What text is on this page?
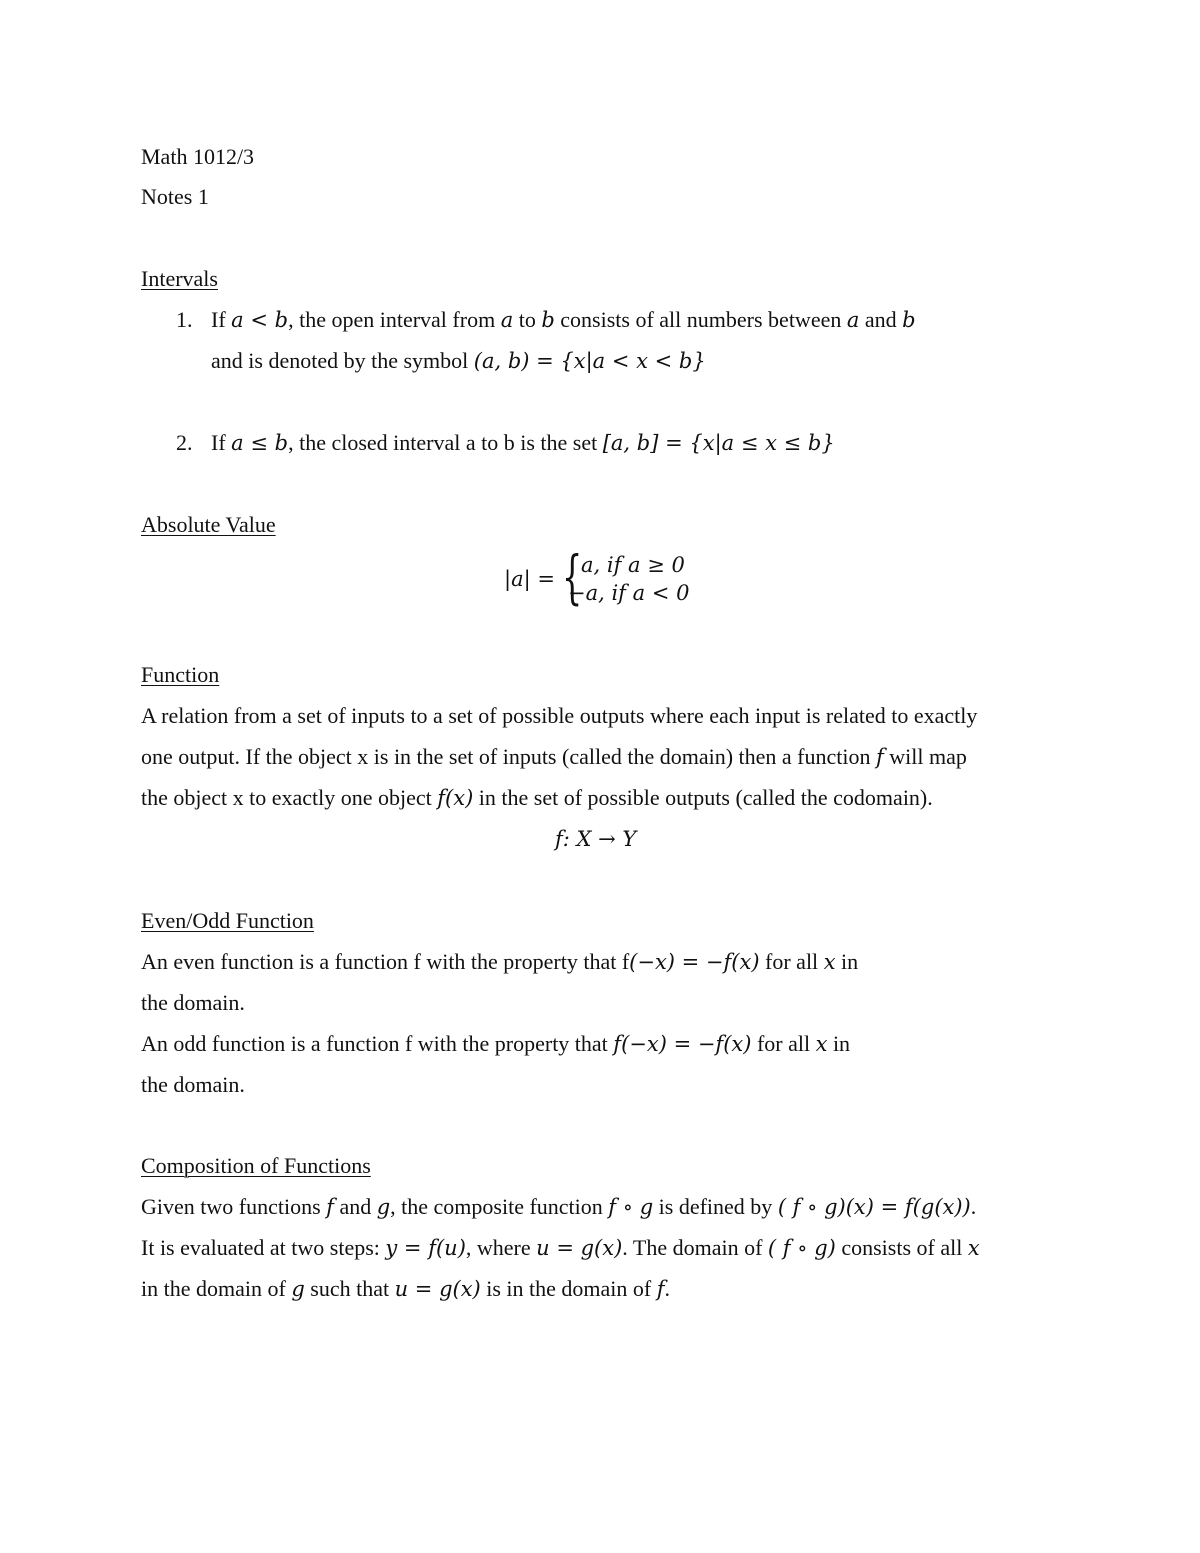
Math 1012/3
Notes 1
Intervals
1. If a < b, the open interval from a to b consists of all numbers between a and b
and is denoted by the symbol (a, b) = {x|a < x < b}
2. If a ≤ b, the closed interval a to b is the set [a, b] = {x|a ≤ x ≤ b}
Absolute Value
|a| = {
a, if a ≥ 0
−a, if a < 0
Function
A relation from a set of inputs to a set of possible outputs where each input is related to exactly
one output. If the object x is in the set of inputs (called the domain) then a function f will map
the object x to exactly one object f(x) in the set of possible outputs (called the codomain).
f: X → Y
Even/Odd Function
An even function is a function f with the property that f(−x) = −f(x) for all x in
the domain.
An odd function is a function f with the property that f(−x) = −f(x) for all x in
the domain.
Composition of Functions
Given two functions f and g, the composite function f ∘ g is defined by ( f ∘ g)(x) = f(g(x)).
It is evaluated at two steps: y = f(u), where u = g(x). The domain of ( f ∘ g) consists of all x
in the domain of g such that u = g(x) is in the domain of f.
